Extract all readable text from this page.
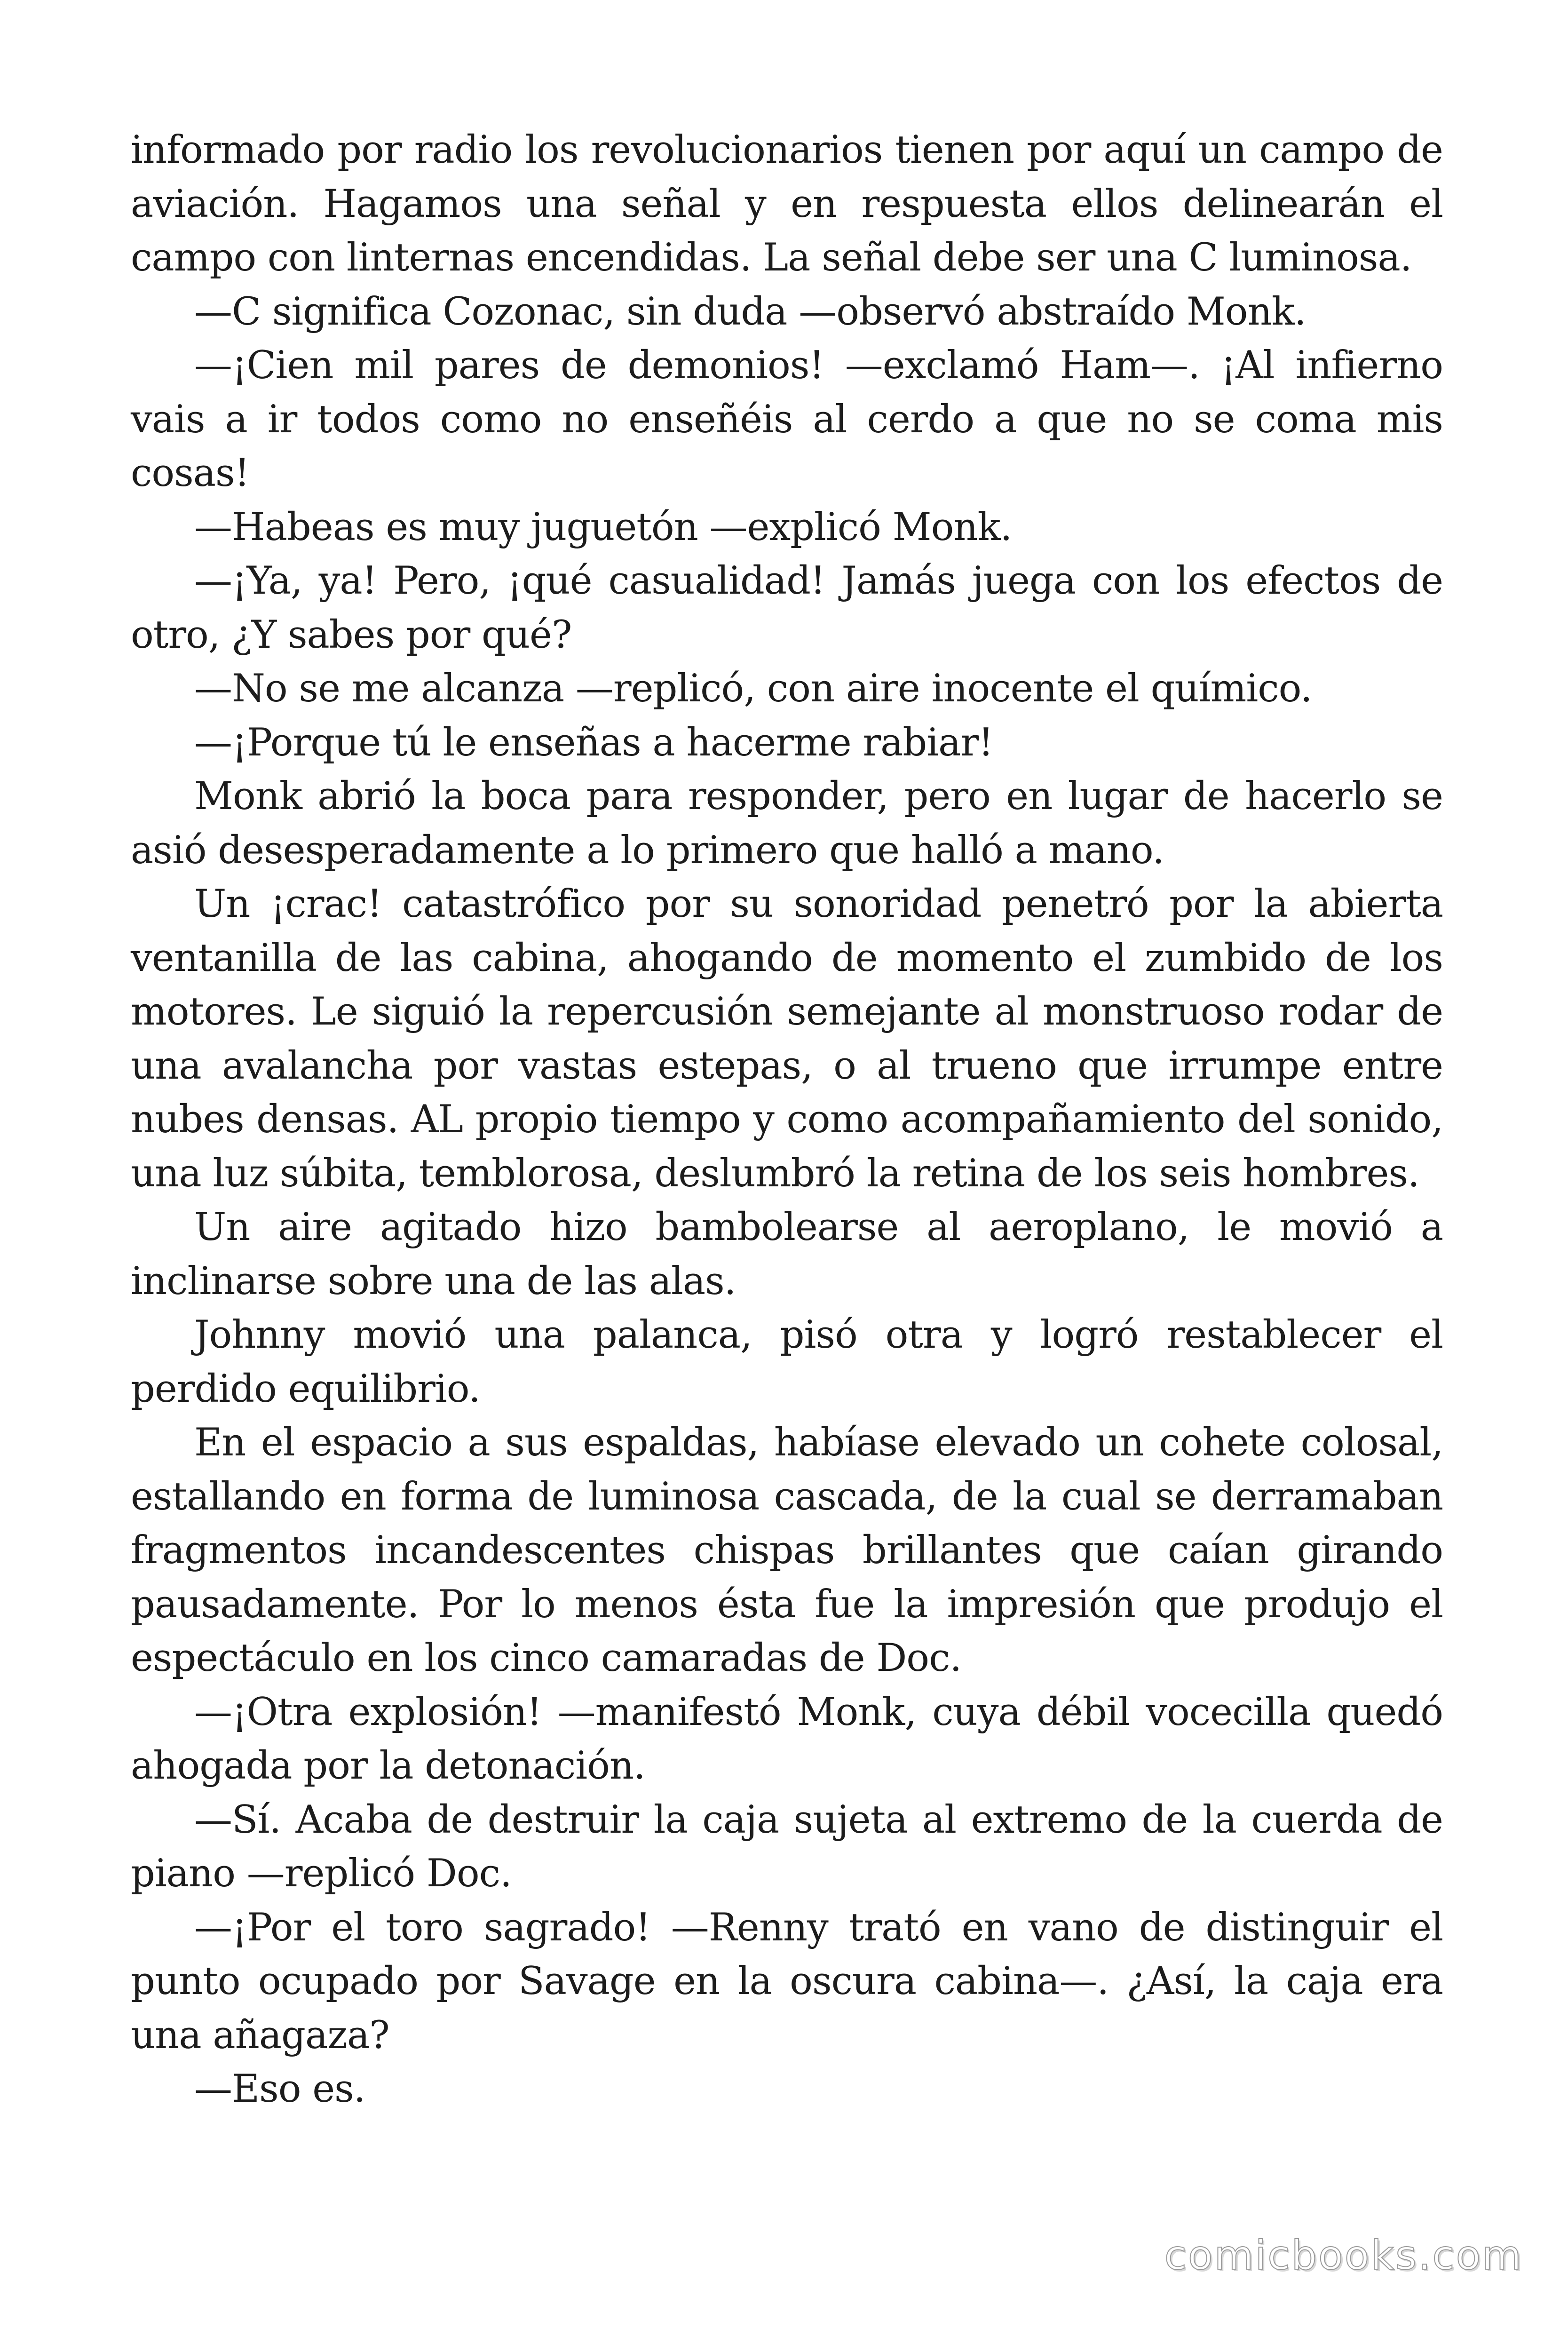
informado por radio los revolucionarios tienen por aquí un campo de aviación. Hagamos una señal y en respuesta ellos delinearán el campo con linternas encendidas. La señal debe ser una C luminosa.

—C significa Cozonac, sin duda —observó abstraído Monk.

—¡Cien mil pares de demonios! —exclamó Ham—. ¡Al infierno vais a ir todos como no enseñéis al cerdo a que no se coma mis cosas!

—Habeas es muy juguetón —explicó Monk.

—¡Ya, ya! Pero, ¡qué casualidad! Jamás juega con los efectos de otro, ¿Y sabes por qué?

—No se me alcanza —replicó, con aire inocente el químico.

—¡Porque tú le enseñas a hacerme rabiar!

Monk abrió la boca para responder, pero en lugar de hacerlo se asió desesperadamente a lo primero que halló a mano.

Un ¡crac! catastrófico por su sonoridad penetró por la abierta ventanilla de las cabina, ahogando de momento el zumbido de los motores. Le siguió la repercusión semejante al monstruoso rodar de una avalancha por vastas estepas, o al trueno que irrumpe entre nubes densas. AL propio tiempo y como acompañamiento del sonido, una luz súbita, temblorosa, deslumbró la retina de los seis hombres.

Un aire agitado hizo bambolearse al aeroplano, le movió a inclinarse sobre una de las alas.

Johnny movió una palanca, pisó otra y logró restablecer el perdido equilibrio.

En el espacio a sus espaldas, habíase elevado un cohete colosal, estallando en forma de luminosa cascada, de la cual se derramaban fragmentos incandescentes chispas brillantes que caían girando pausadamente. Por lo menos ésta fue la impresión que produjo el espectáculo en los cinco camaradas de Doc.

—¡Otra explosión! —manifestó Monk, cuya débil vocecilla quedó ahogada por la detonación.

—Sí. Acaba de destruir la caja sujeta al extremo de la cuerda de piano —replicó Doc.

—¡Por el toro sagrado! —Renny trató en vano de distinguir el punto ocupado por Savage en la oscura cabina—. ¿Así, la caja era una añagaza?

—Eso es.

comicbooks.com
